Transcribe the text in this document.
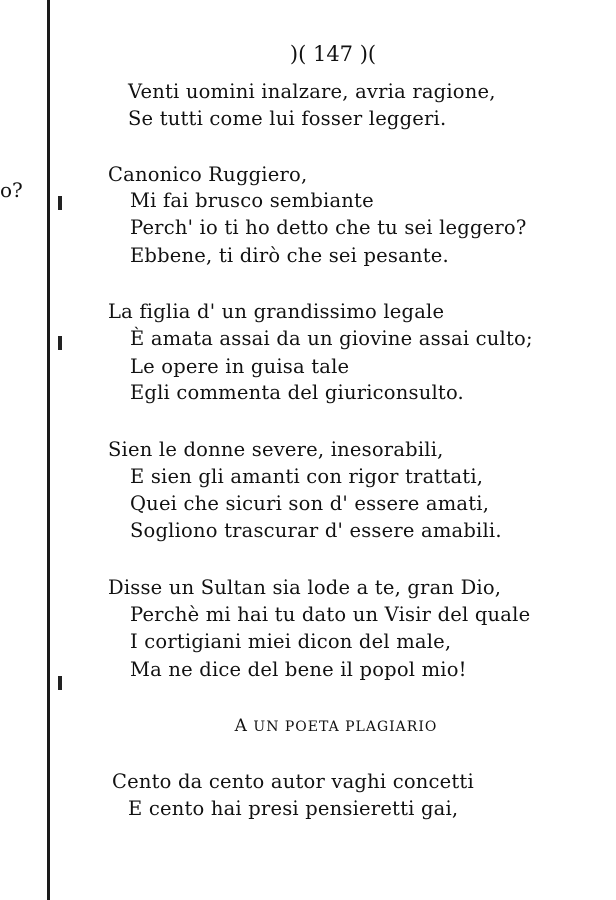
o?
)( 147 )(
Venti uomini inalzare, avria ragione,
Se tutti come lui fosser leggeri.
Canonico Ruggiero,
Mi fai brusco sembiante
Perch' io ti ho detto che tu sei leggero?
Ebbene, ti dirò che sei pesante.
La figlia d' un grandissimo legale
È amata assai da un giovine assai culto;
Le opere in guisa tale
Egli commenta del giuriconsulto.
Sien le donne severe, inesorabili,
E sien gli amanti con rigor trattati,
Quei che sicuri son d' essere amati,
Sogliono trascurar d' essere amabili.
Disse un Sultan sia lode a te, gran Dio,
Perchè mi hai tu dato un Visir del quale
I cortigiani miei dicon del male,
Ma ne dice del bene il popol mio!
A UN POETA PLAGIARIO
Cento da cento autor vaghi concetti
E cento hai presi pensieretti gai,
